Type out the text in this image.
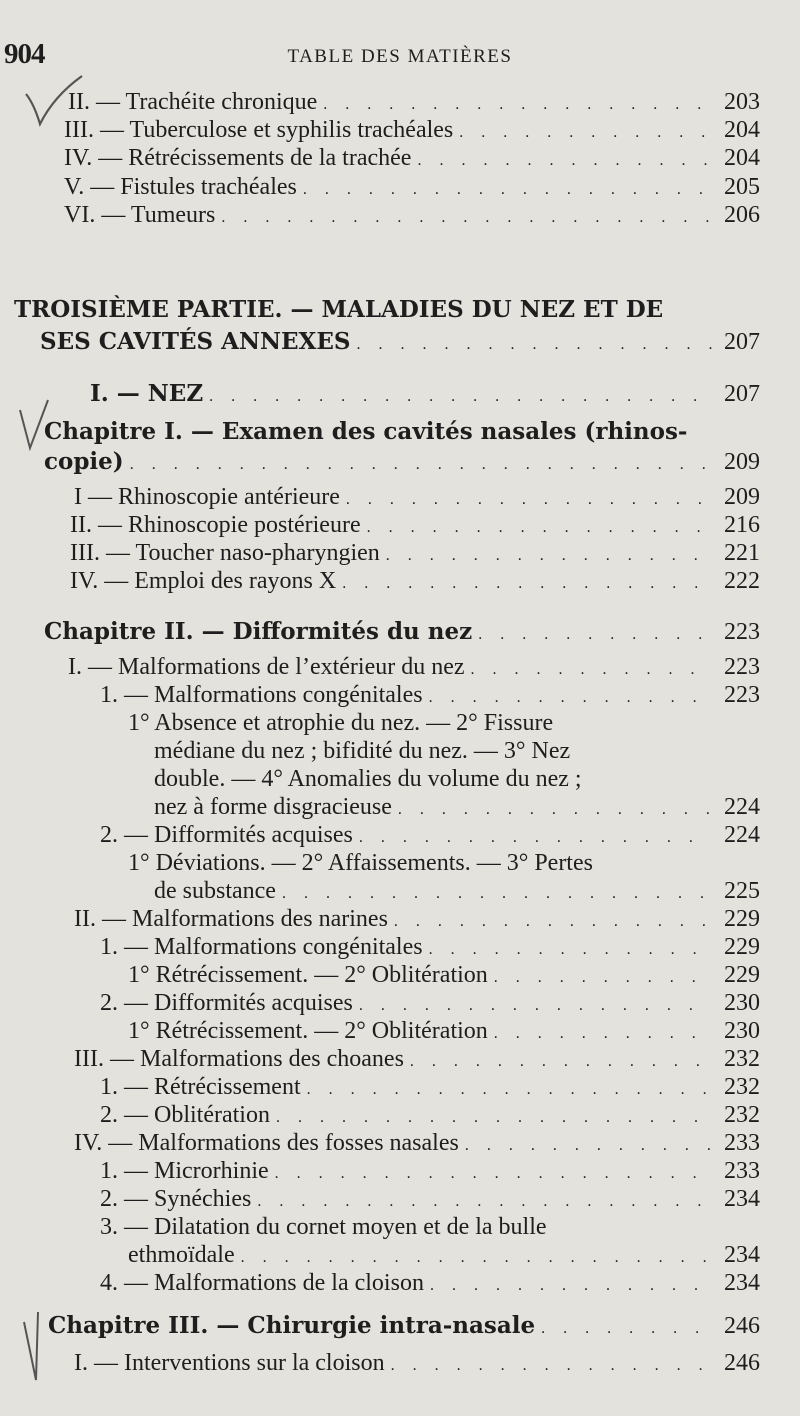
904	TABLE DES MATIÈRES
II. — Trachéite chronique . . .	203
III. — Tuberculose et syphilis trachéales . . .	204
IV. — Rétrécissements de la trachée . . .	204
V. — Fistules trachéales . . .	205
VI. — Tumeurs . . .	206
TROISIÈME PARTIE. — MALADIES DU NEZ ET DE
SES CAVITÉS ANNEXES . . .	207
I. — NEZ . . .	207
Chapitre I. — Examen des cavités nasales (rhinos-
copie) . . .	209
I — Rhinoscopie antérieure . . .	209
II. — Rhinoscopie postérieure . . .	216
III. — Toucher naso-pharyngien . . .	221
IV. — Emploi des rayons X . . .	222
Chapitre II. — Difformités du nez . . .	223
I. — Malformations de l’extérieur du nez . . .	223
1. — Malformations congénitales . . .	223
1° Absence et atrophie du nez. — 2° Fissure
médiane du nez ; bifidité du nez. — 3° Nez
double. — 4° Anomalies du volume du nez ;
nez à forme disgracieuse . . .	224
2. — Difformités acquises . . .	224
1° Déviations. — 2° Affaissements. — 3° Pertes
de substance . . .	225
II. — Malformations des narines . . .	229
1. — Malformations congénitales . . .	229
1° Rétrécissement. — 2° Oblitération . . .	229
2. — Difformités acquises . . .	230
1° Rétrécissement. — 2° Oblitération . . .	230
III. — Malformations des choanes . . .	232
1. — Rétrécissement . . .	232
2. — Oblitération . . .	232
IV. — Malformations des fosses nasales . . .	233
1. — Microrhinie . . .	233
2. — Synéchies . . .	234
3. — Dilatation du cornet moyen et de la bulle
ethmoïdale . . .	234
4. — Malformations de la cloison . . .	234
Chapitre III. — Chirurgie intra-nasale . . .	246
I. — Interventions sur la cloison . . .	246
